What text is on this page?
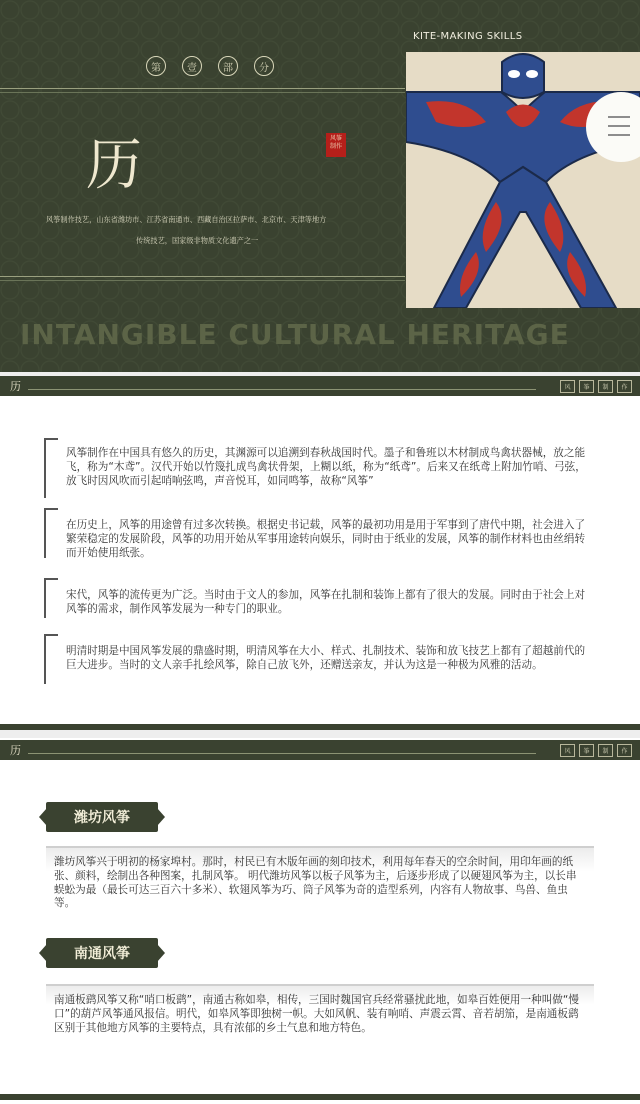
第	壹	部	分
历	风筝
制作
风筝制作技艺，山东省潍坊市、江苏省南通市、西藏自治区拉萨市、北京市、天津等地方
传统技艺，国家级非物质文化遗产之一
INTANGIBLE CULTURAL HERITAGE
KITE-MAKING SKILLS
历	风	筝	制	作
风筝制作在中国具有悠久的历史，其渊源可以追溯到春秋战国时代。墨子和鲁班以木材制成鸟禽状器械，放之能飞，称为“木鸢”。汉代开始以竹篾扎成鸟禽状骨架，上糊以纸，称为“纸鸢”。后来又在纸鸢上附加竹哨、弓弦，放飞时因风吹而引起哨响弦鸣，声音悦耳，如同鸣筝，故称“风筝”
在历史上，风筝的用途曾有过多次转换。根据史书记载，风筝的最初功用是用于军事到了唐代中期，社会进入了繁荣稳定的发展阶段，风筝的功用开始从军事用途转向娱乐，同时由于纸业的发展，风筝的制作材料也由丝绢转而开始使用纸张。
宋代，风筝的流传更为广泛。当时由于文人的参加，风筝在扎制和装饰上都有了很大的发展。同时由于社会上对风筝的需求，制作风筝发展为一种专门的职业。
明清时期是中国风筝发展的鼎盛时期，明清风筝在大小、样式、扎制技术、装饰和放飞技艺上都有了超越前代的巨大进步。当时的文人亲手扎绘风筝，除自己放飞外，还赠送亲友，并认为这是一种极为风雅的活动。
历	风	筝	制	作
潍坊风筝
潍坊风筝兴于明初的杨家埠村。那时，村民已有木版年画的刻印技术，利用每年春天的空余时间，用印年画的纸张、颜料，绘制出各种图案，扎制风筝。 明代潍坊风筝以板子风筝为主，后逐步形成了以硬翅风筝为主，以长串蜈蚣为最（最长可达三百六十多米）、软翅风筝为巧、筒子风筝为奇的造型系列，内容有人物故事、鸟兽、鱼虫等。
南通风筝
南通板鹞风筝又称“哨口板鹞”，南通古称如皋，相传，三国时魏国官兵经常骚扰此地，如皋百姓便用一种叫做“慢口”的葫芦风筝通风报信。明代，如皋风筝即独树一帜。大如风帆、装有响哨、声震云霄、音若胡笳，是南通板鹞区别于其他地方风筝的主要特点，具有浓郁的乡土气息和地方特色。
